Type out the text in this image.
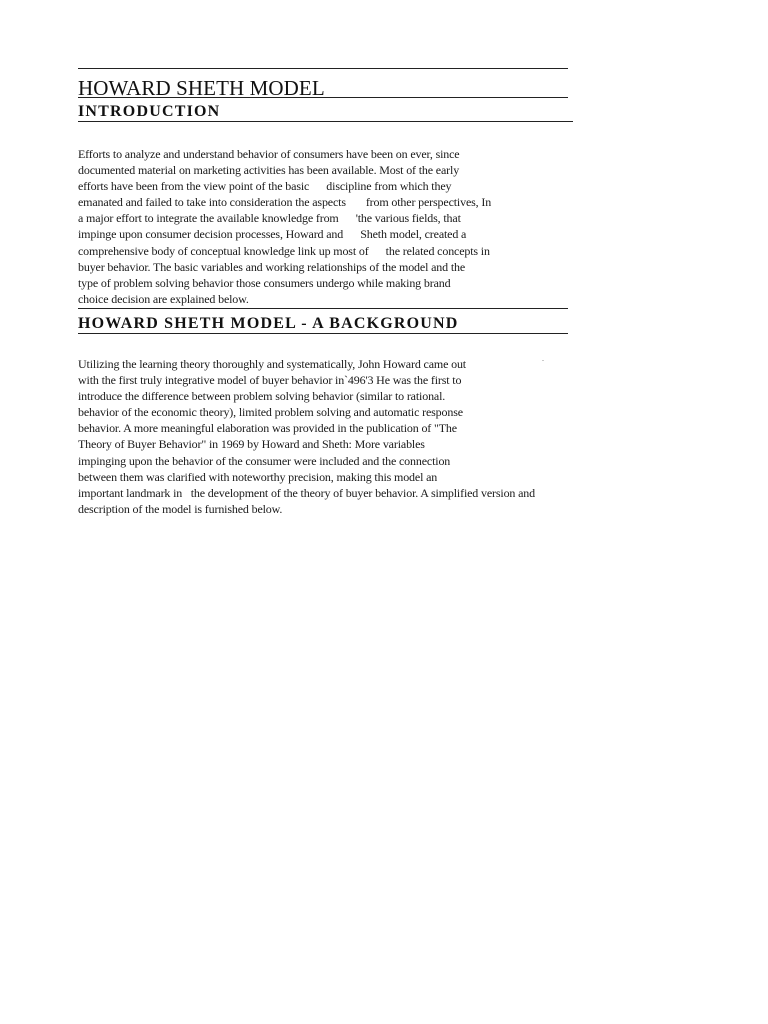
HOWARD SHETH MODEL
INTRODUCTION
Efforts to analyze and understand behavior of consumers have been on ever, since
documented material on marketing activities has been available. Most of the early
efforts have been from the view point of the basic      discipline from which they
emanated and failed to take into consideration the aspects       from other perspectives, In
a major effort to integrate the available knowledge from      'the various fields, that
impinge upon consumer decision processes, Howard and      Sheth model, created a
comprehensive body of conceptual knowledge link up most of      the related concepts in
buyer behavior. The basic variables and working relationships of the model and the
type of problem solving behavior those consumers undergo while making brand
choice decision are explained below.
HOWARD SHETH MODEL - A BACKGROUND
.
Utilizing the learning theory thoroughly and systematically, John Howard came out
with the first truly integrative model of buyer behavior in`496'3 He was the first to
introduce the difference between problem solving behavior (similar to rational.
behavior of the economic theory), limited problem solving and automatic response
behavior. A more meaningful elaboration was provided in the publication of "The
Theory of Buyer Behavior" in 1969 by Howard and Sheth: More variables
impinging upon the behavior of the consumer were included and the connection
between them was clarified with noteworthy precision, making this model an
important landmark in   the development of the theory of buyer behavior. A simplified version and
description of the model is furnished below.
